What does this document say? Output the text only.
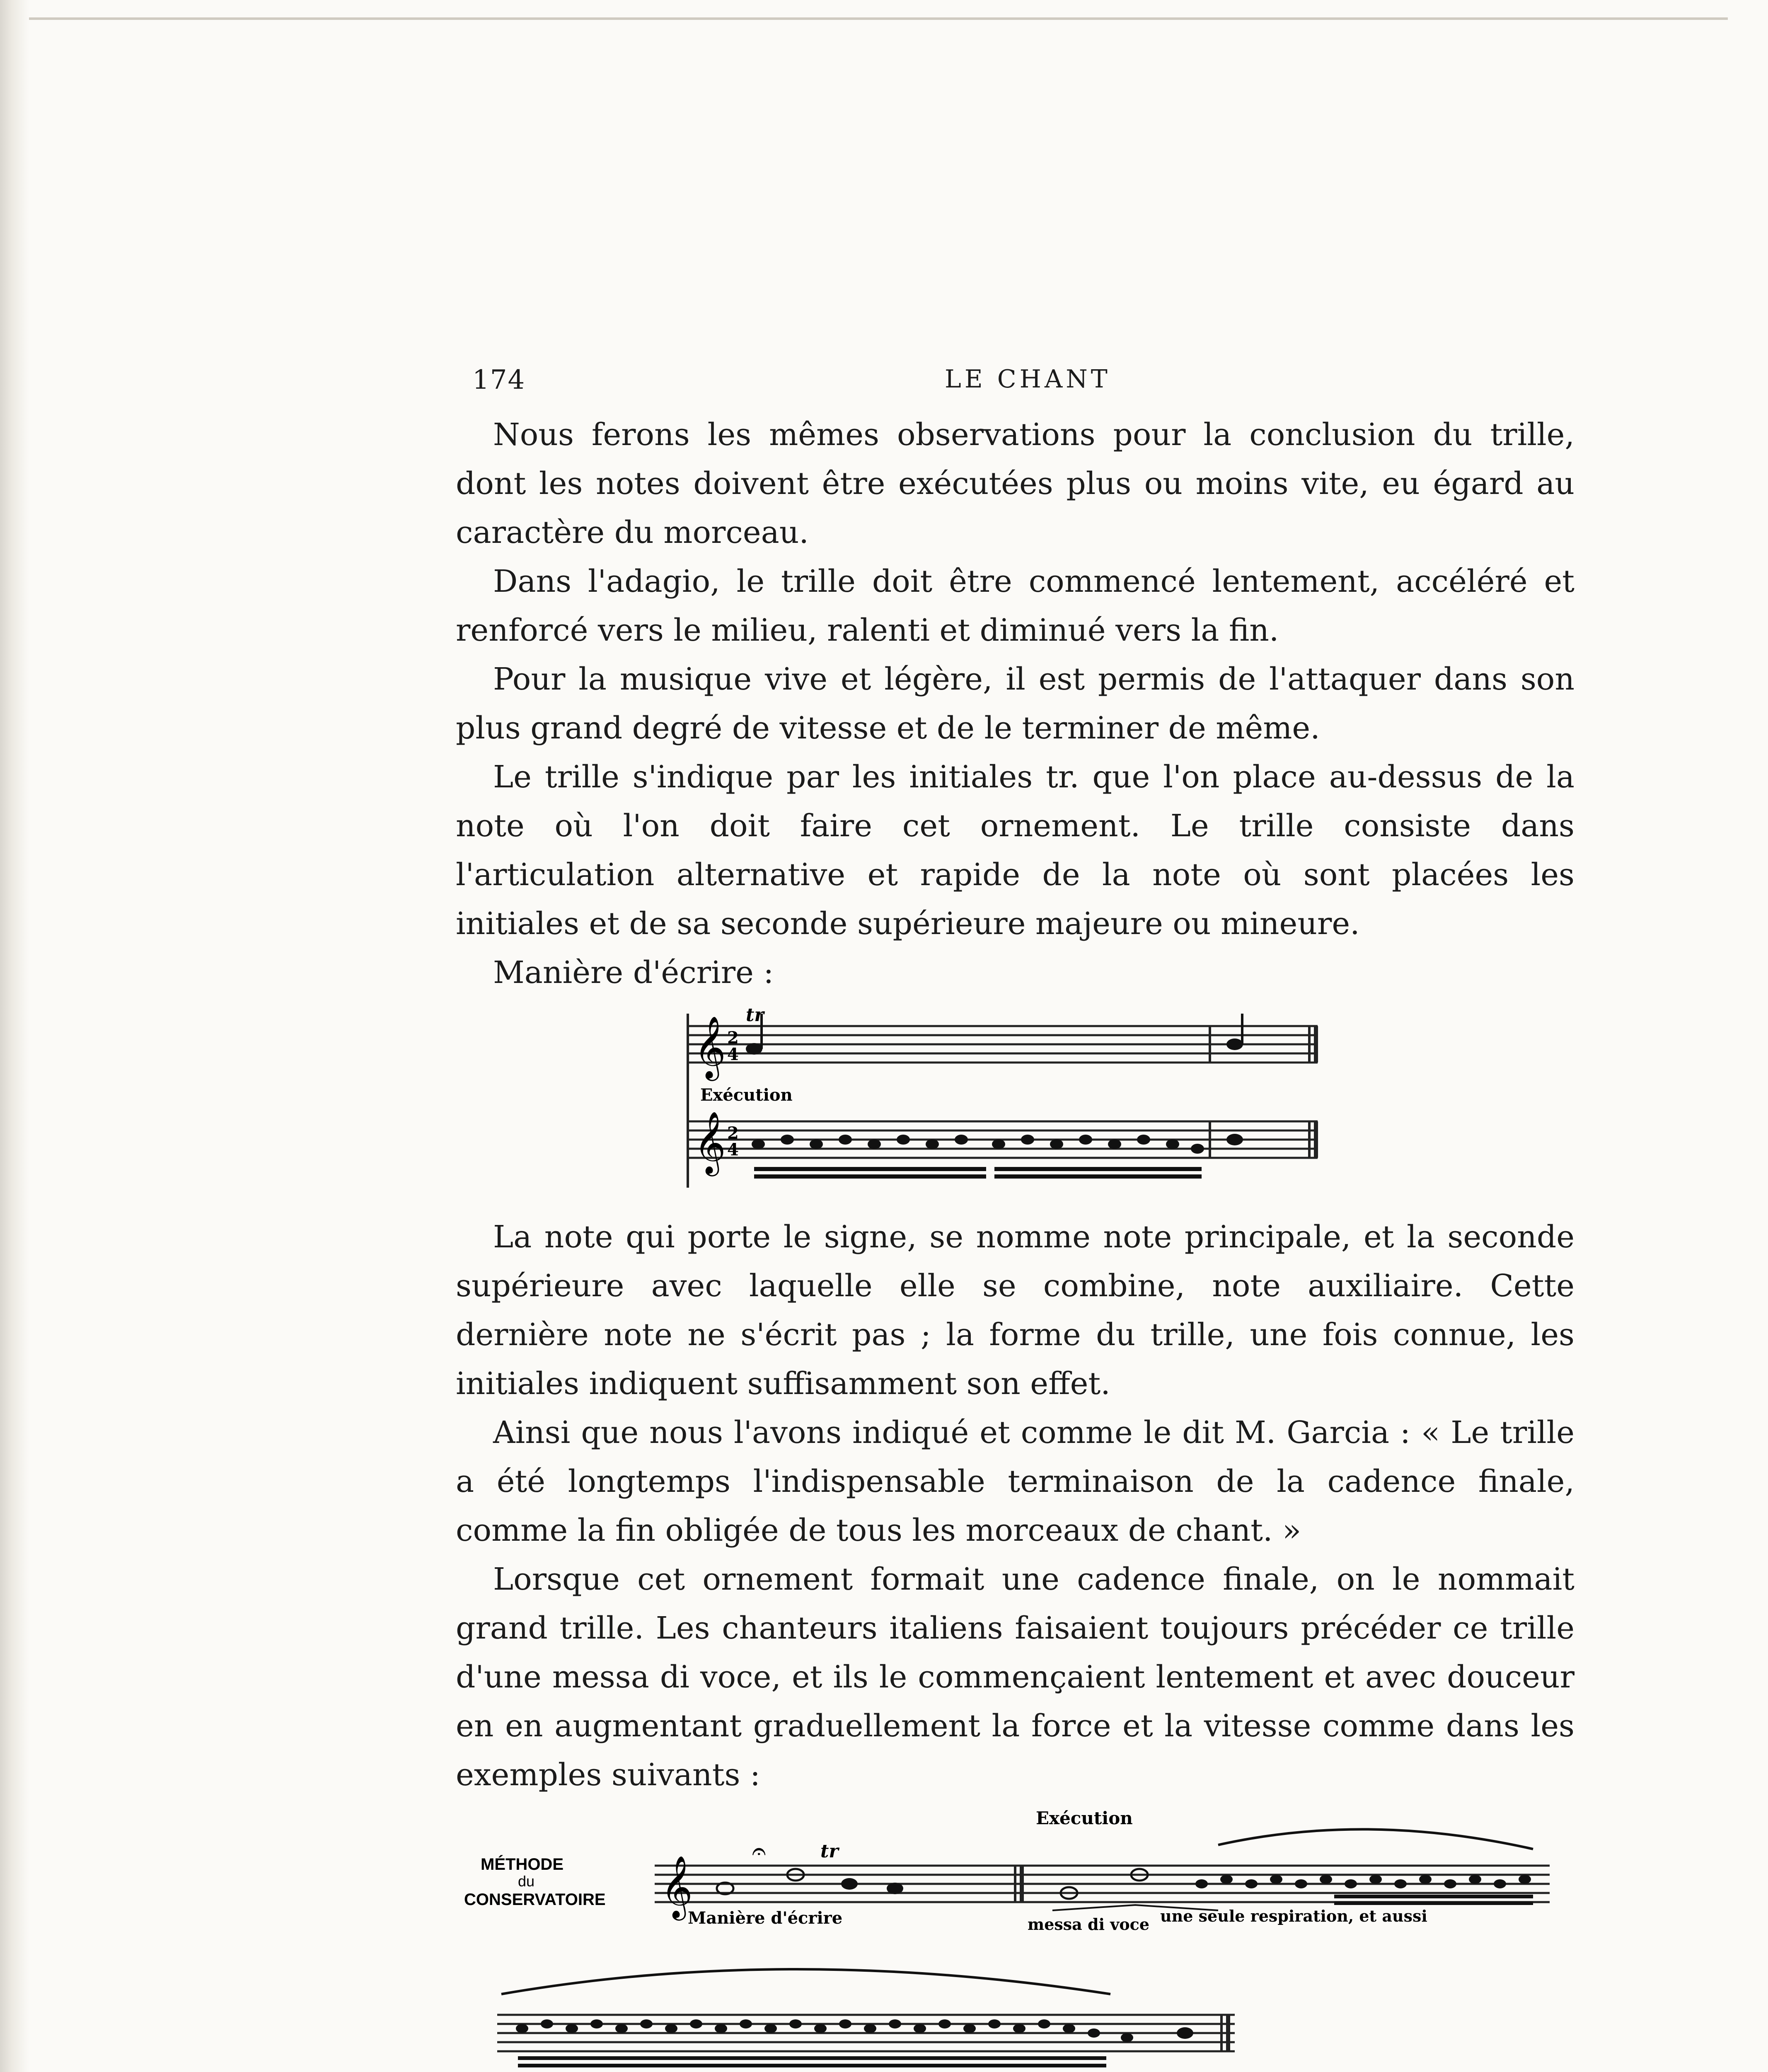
174	LE CHANT

Nous ferons les mêmes observations pour la conclusion du trille, dont les notes doivent être exécutées plus ou moins vite, eu égard au caractère du morceau.

Dans l'adagio, le trille doit être commencé lentement, accéléré et renforcé vers le milieu, ralenti et diminué vers la fin.

Pour la musique vive et légère, il est permis de l'attaquer dans son plus grand degré de vitesse et de le terminer de même.

Le trille s'indique par les initiales tr. que l'on place au-dessus de la note où l'on doit faire cet ornement. Le trille consiste dans l'articulation alternative et rapide de la note où sont placées les initiales et de sa seconde supérieure majeure ou mineure.

Manière d'écrire :
𝄞 2
4
tr
Exécution
𝄞 2
4

La note qui porte le signe, se nomme note principale, et la seconde supérieure avec laquelle elle se combine, note auxiliaire. Cette dernière note ne s'écrit pas ; la forme du trille, une fois connue, les initiales indiquent suffisamment son effet.

Ainsi que nous l'avons indiqué et comme le dit M. Garcia : « Le trille a été longtemps l'indispensable terminaison de la cadence finale, comme la fin obligée de tous les morceaux de chant. »

Lorsque cet ornement formait une cadence finale, on le nommait grand trille. Les chanteurs italiens faisaient toujours précéder ce trille d'une messa di voce, et ils le commençaient lentement et avec douceur en en augmentant graduellement la force et la vitesse comme dans les exemples suivants :

Exécution
MÉTHODE
du
CONSERVATOIRE 𝄞
𝄐	tr
Manière d'écrire	messa di voce une seule respiration, et aussi
